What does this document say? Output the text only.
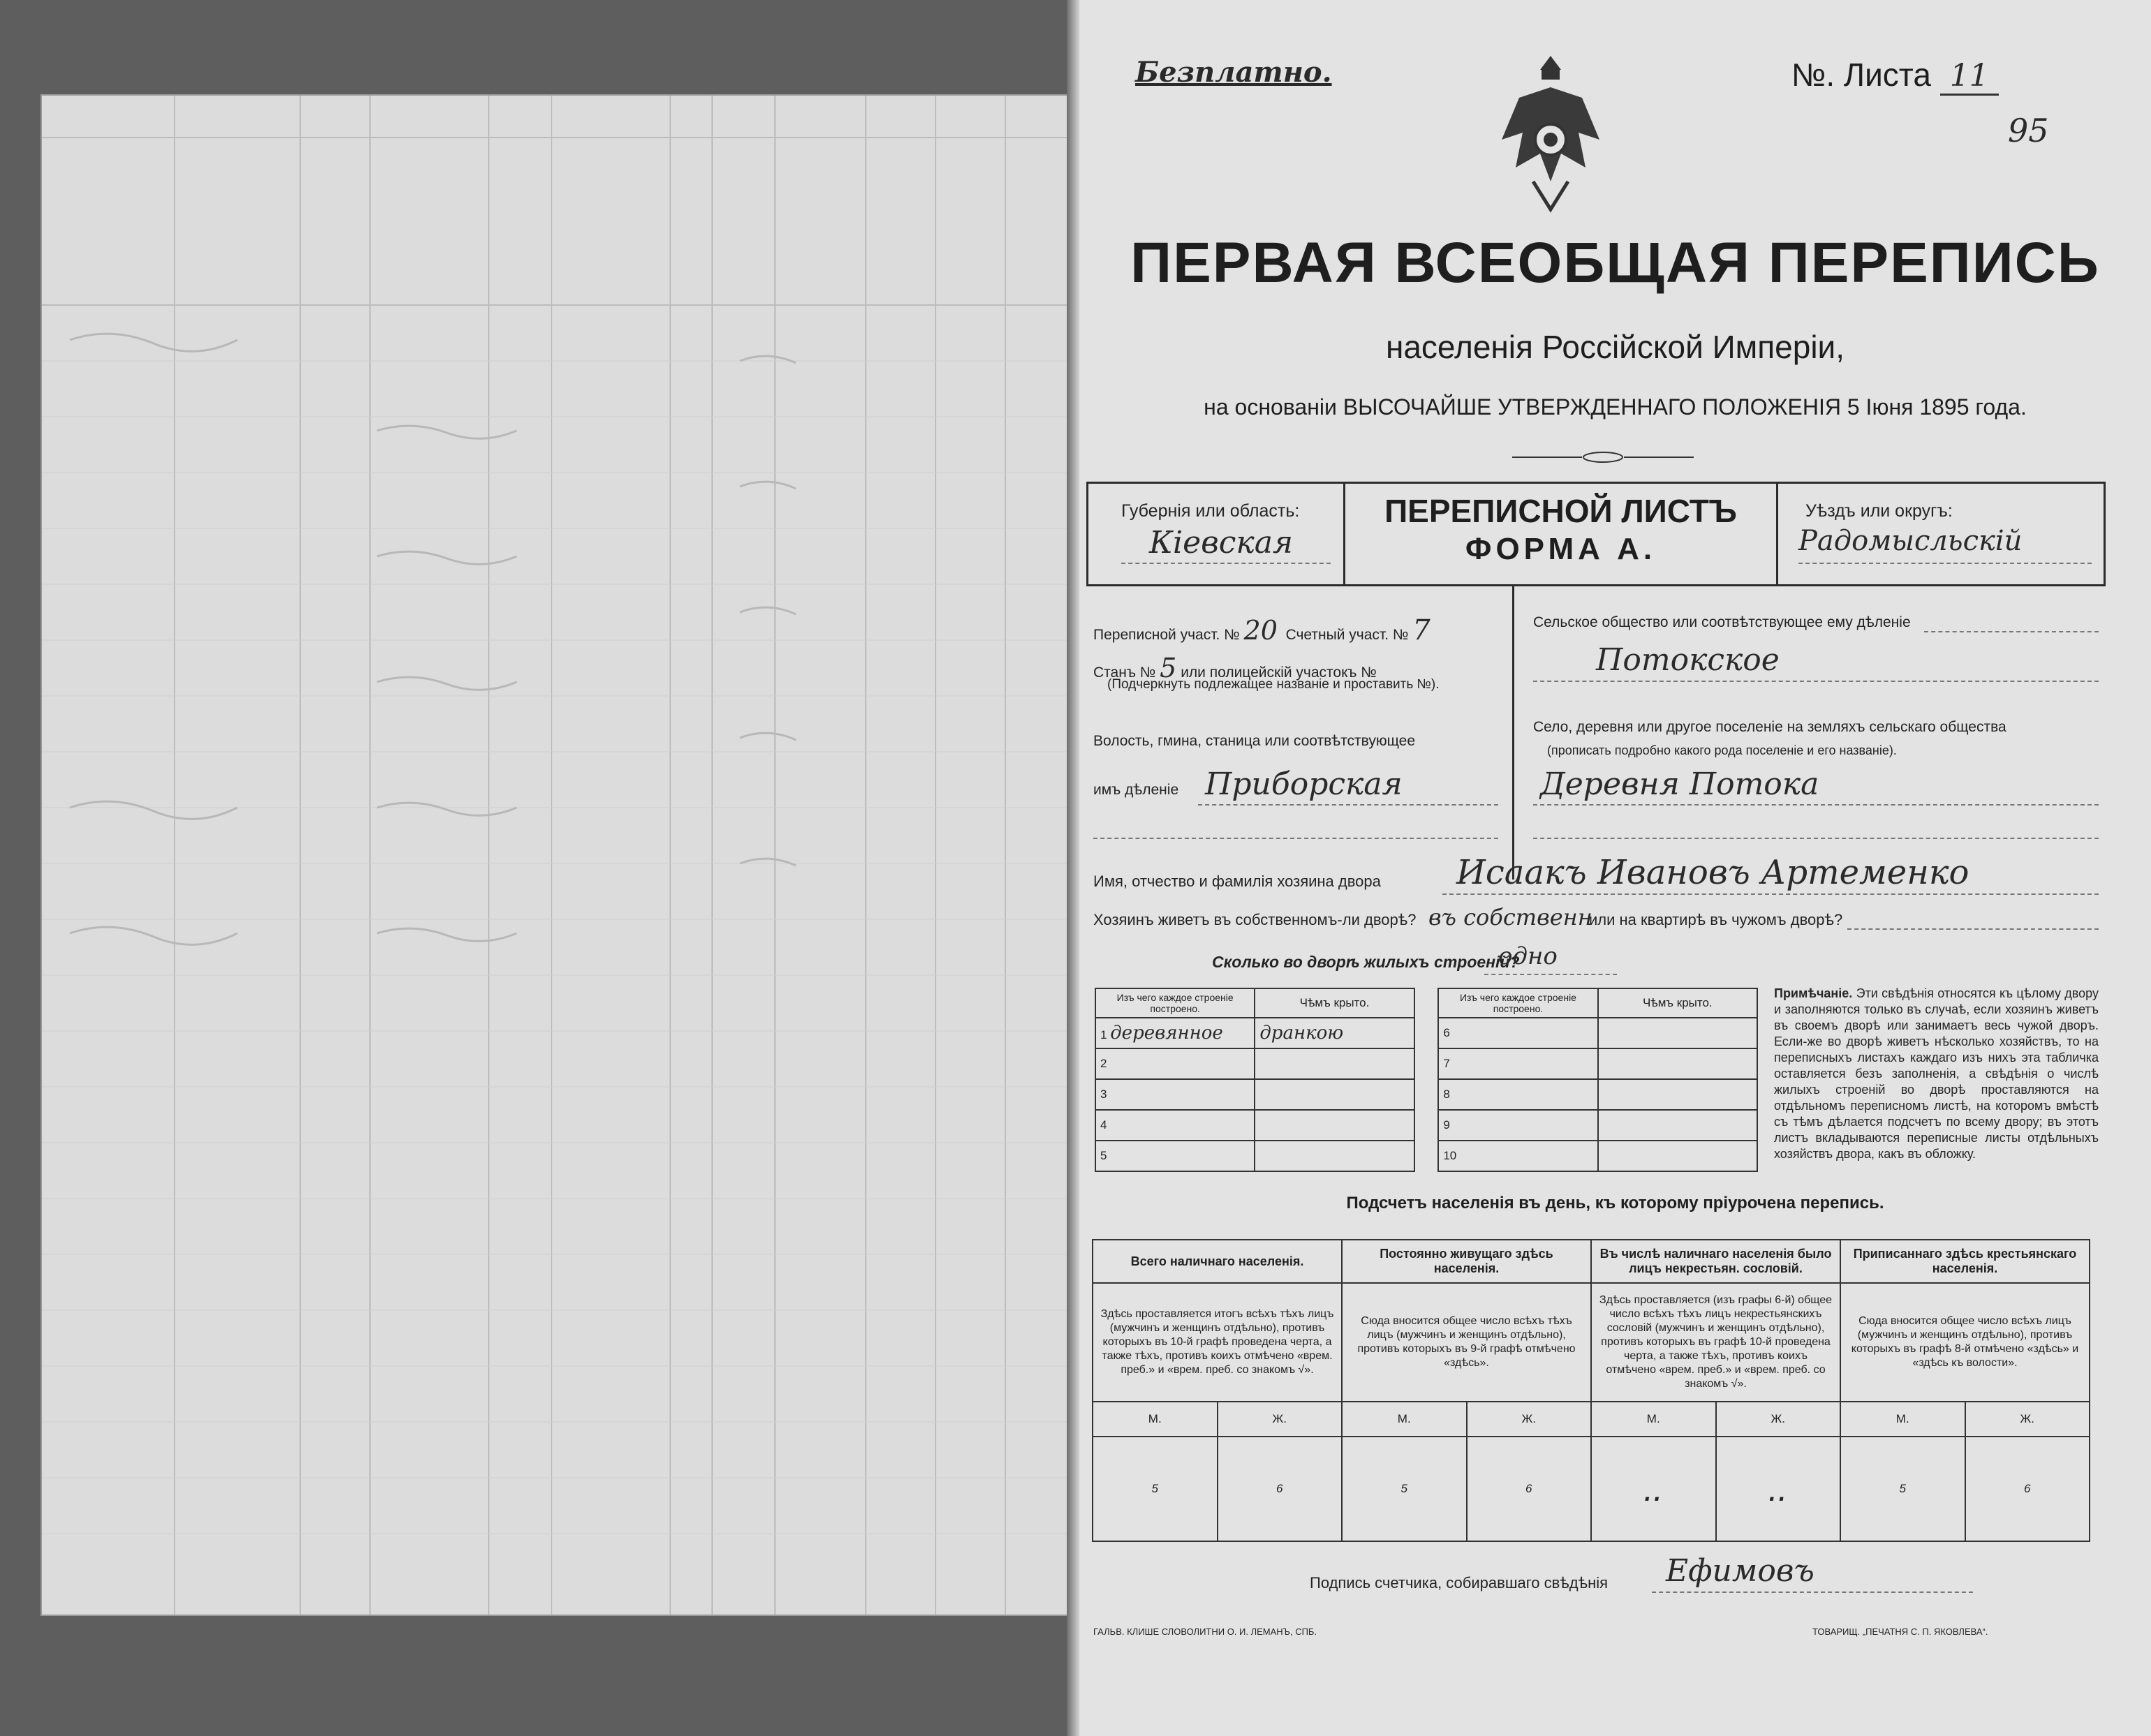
Безплатно.	№. Листа 11
95
ПЕРВАЯ ВСЕОБЩАЯ ПЕРЕПИСЬ
населенія Россійской Имперіи,
на основаніи ВЫСОЧАЙШЕ УТВЕРЖДЕННАГО ПОЛОЖЕНІЯ 5 Іюня 1895 года.
Губернія или область:
Кіевская
ПЕРЕПИСНОЙ ЛИСТЪ
ФОРМА А.
Уѣздъ или округъ:
Радомысльскій
Переписной участ. № 20 Счетный участ. № 7
Станъ № 5 или полицейскій участокъ №
(Подчеркнуть подлежащее названіе и проставить №).
Волость, гмина, станица или соотвѣтствующее
имъ дѣленіе Приборская
Сельское общество или соотвѣтствующее ему дѣленіе
Потокское
Село, деревня или другое поселеніе на земляхъ сельскаго общества
(прописать подробно какого рода поселеніе и его названіе).
Деревня Потока
Имя, отчество и фамилія хозяина двора Исаакъ Ивановъ Артеменко
Хозяинъ живетъ въ собственномъ-ли дворѣ? въ собственн
или на квартирѣ въ чужомъ дворѣ?
Сколько во дворѣ жилыхъ строеній?
одно
Изъ чего каждое строеніе построено.	Чѣмъ крыто.		Изъ чего каждое строеніе построено.	Чѣмъ крыто.
1 деревянное	дранкою		6	
2			7	
3			8	
4			9	
5			10	
Примѣчаніе. Эти свѣдѣнія относятся къ цѣлому двору и заполняются только въ случаѣ, если хозяинъ живетъ въ своемъ дворѣ или занимаетъ весь чужой дворъ. Если-же во дворѣ живетъ нѣсколько хозяйствъ, то на переписныхъ листахъ каждаго изъ нихъ эта табличка оставляется безъ заполненія, а свѣдѣнія о числѣ жилыхъ строеній во дворѣ проставляются на отдѣльномъ переписномъ листѣ, на которомъ вмѣстѣ съ тѣмъ дѣлается подсчетъ по всему двору; въ этотъ листъ вкладываются переписные листы отдѣльныхъ хозяйствъ двора, какъ въ обложку.
Подсчетъ населенія въ день, къ которому пріурочена перепись.
Всего наличнаго населенія.		Постоянно живущаго здѣсь населенія.		Въ числѣ наличнаго населенія было лицъ некрестьян. сословій.		Приписаннаго здѣсь крестьянскаго населенія.	
Здѣсь проставляется итогъ всѣхъ тѣхъ лицъ (мужчинъ и женщинъ отдѣльно), противъ которыхъ въ 10-й графѣ проведена черта, а также тѣхъ, противъ коихъ отмѣчено «врем. преб.» и «врем. преб. со знакомъ √».		Сюда вносится общее число всѣхъ тѣхъ лицъ (мужчинъ и женщинъ отдѣльно), противъ которыхъ въ 9-й графѣ отмѣчено «здѣсь».		Здѣсь проставляется (изъ графы 6-й) общее число всѣхъ тѣхъ лицъ некрестьянскихъ сословій (мужчинъ и женщинъ отдѣльно), противъ которыхъ въ графѣ 10-й проведена черта, а также тѣхъ, противъ коихъ отмѣчено «врем. преб.» и «врем. преб. со знакомъ √».		Сюда вносится общее число всѣхъ лицъ (мужчинъ и женщинъ отдѣльно), противъ которыхъ въ графѣ 8-й отмѣчено «здѣсь» и «здѣсь къ волости».	
М.	Ж.	М.	Ж.	М.	Ж.	М.	Ж.
5	6	5	6	..	..	5	6
Подпись счетчика, собиравшаго свѣдѣнія Ефимовъ
ГАЛЬВ. КЛИШЕ СЛОВОЛИТНИ О. И. ЛЕМАНЪ, СПБ.	ТОВАРИЩ. „ПЕЧАТНЯ С. П. ЯКОВЛЕВА“.
